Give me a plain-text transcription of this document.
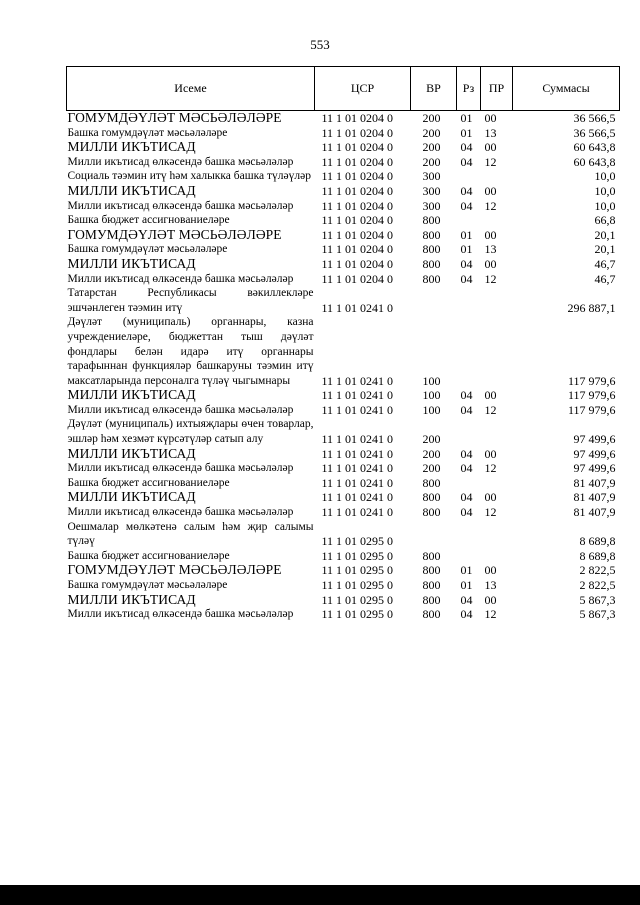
553
Исеме	ЦСР	ВР	Рз	ПР	Суммасы
ГОМУМДӘҮЛӘТ МӘСЬӘЛӘЛӘРЕ	11 1 01 0204 0	200	01	00	36 566,5
Башка гомумдәүләт мәсьәләләре	11 1 01 0204 0	200	01	13	36 566,5
МИЛЛИ ИКЪТИСАД	11 1 01 0204 0	200	04	00	60 643,8
Милли икътисад өлкәсендә башка мәсьәләләр	11 1 01 0204 0	200	04	12	60 643,8
Социаль тәэмин итү һәм халыкка башка түләүләр	11 1 01 0204 0	300			10,0
МИЛЛИ ИКЪТИСАД	11 1 01 0204 0	300	04	00	10,0
Милли икътисад өлкәсендә башка мәсьәләләр	11 1 01 0204 0	300	04	12	10,0
Башка бюджет ассигнованиеләре	11 1 01 0204 0	800			66,8
ГОМУМДӘҮЛӘТ МӘСЬӘЛӘЛӘРЕ	11 1 01 0204 0	800	01	00	20,1
Башка гомумдәүләт мәсьәләләре	11 1 01 0204 0	800	01	13	20,1
МИЛЛИ ИКЪТИСАД	11 1 01 0204 0	800	04	00	46,7
Милли икътисад өлкәсендә башка мәсьәләләр	11 1 01 0204 0	800	04	12	46,7
Татарстан Республикасы вәкиллекләре эшчәнлеген тәэмин итү	11 1 01 0241 0				296 887,1
Дәүләт (муниципаль) органнары, казна учреждениеләре, бюджеттан тыш дәүләт фондлары белән идарә итү органнары тарафыннан функцияләр башкаруны тәэмин итү максатларында персоналга түләү чыгымнары	11 1 01 0241 0	100			117 979,6
МИЛЛИ ИКЪТИСАД	11 1 01 0241 0	100	04	00	117 979,6
Милли икътисад өлкәсендә башка мәсьәләләр	11 1 01 0241 0	100	04	12	117 979,6
Дәүләт (муниципаль) ихтыяҗлары өчен товарлар, эшләр һәм хезмәт күрсәтүләр сатып алу	11 1 01 0241 0	200			97 499,6
МИЛЛИ ИКЪТИСАД	11 1 01 0241 0	200	04	00	97 499,6
Милли икътисад өлкәсендә башка мәсьәләләр	11 1 01 0241 0	200	04	12	97 499,6
Башка бюджет ассигнованиеләре	11 1 01 0241 0	800			81 407,9
МИЛЛИ ИКЪТИСАД	11 1 01 0241 0	800	04	00	81 407,9
Милли икътисад өлкәсендә башка мәсьәләләр	11 1 01 0241 0	800	04	12	81 407,9
Оешмалар мөлкәтенә салым һәм җир салымы түләү	11 1 01 0295 0				8 689,8
Башка бюджет ассигнованиеләре	11 1 01 0295 0	800			8 689,8
ГОМУМДӘҮЛӘТ МӘСЬӘЛӘЛӘРЕ	11 1 01 0295 0	800	01	00	2 822,5
Башка гомумдәүләт мәсьәләләре	11 1 01 0295 0	800	01	13	2 822,5
МИЛЛИ ИКЪТИСАД	11 1 01 0295 0	800	04	00	5 867,3
Милли икътисад өлкәсендә башка мәсьәләләр	11 1 01 0295 0	800	04	12	5 867,3
